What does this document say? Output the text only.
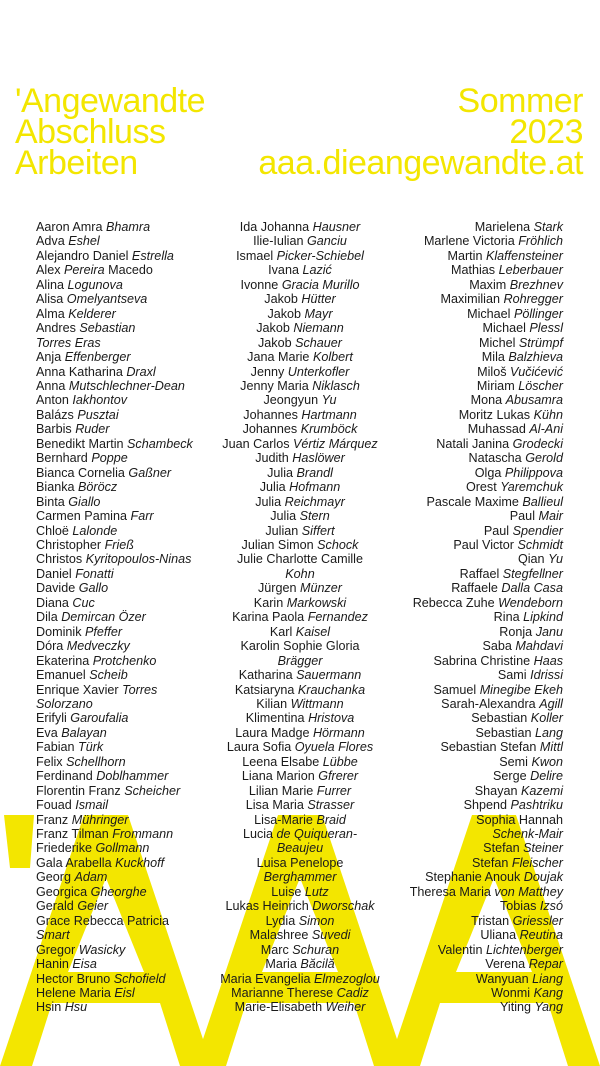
'Angewandte
Abschluss
Arbeiten
Sommer
2023
aaa.dieangewandte.at
Aaron Amra Bhamra
Adva Eshel
Alejandro Daniel Estrella
Alex Pereira Macedo
Alina Logunova
Alisa Omelyantseva
Alma Kelderer
Andres Sebastian
Torres Eras
Anja Effenberger
Anna Katharina Draxl
Anna Mutschlechner-Dean
Anton Iakhontov
Balázs Pusztai
Barbis Ruder
Benedikt Martin Schambeck
Bernhard Poppe
Bianca Cornelia Gaßner
Bianka Böröcz
Binta Giallo
Carmen Pamina Farr
Chloë Lalonde
Christopher Frieß
Christos Kyritopoulos-Ninas
Daniel Fonatti
Davide Gallo
Diana Cuc
Dila Demircan Özer
Dominik Pfeffer
Dóra Medveczky
Ekaterina Protchenko
Emanuel Scheib
Enrique Xavier Torres
Solorzano
Erifyli Garoufalia
Eva Balayan
Fabian Türk
Felix Schellhorn
Ferdinand Doblhammer
Florentin Franz Scheicher
Fouad Ismail
Franz Mühringer
Franz Tilman Frommann
Friederike Gollmann
Gala Arabella Kuckhoff
Georg Adam
Georgica Gheorghe
Gerald Geier
Grace Rebecca Patricia
Smart
Gregor Wasicky
Hanin Eisa
Hector Bruno Schofield
Helene Maria Eisl
Hsin Hsu
Ida Johanna Hausner
Ilie-Iulian Ganciu
Ismael Picker-Schiebel
Ivana Lazić
Ivonne Gracia Murillo
Jakob Hütter
Jakob Mayr
Jakob Niemann
Jakob Schauer
Jana Marie Kolbert
Jenny Unterkofler
Jenny Maria Niklasch
Jeongyun Yu
Johannes Hartmann
Johannes Krumböck
Juan Carlos Vértiz Márquez
Judith Haslöwer
Julia Brandl
Julia Hofmann
Julia Reichmayr
Julia Stern
Julian Siffert
Julian Simon Schock
Julie Charlotte Camille
Kohn
Jürgen Münzer
Karin Markowski
Karina Paola Fernandez
Karl Kaisel
Karolin Sophie Gloria
Brägger
Katharina Sauermann
Katsiaryna Krauchanka
Kilian Wittmann
Klimentina Hristova
Laura Madge Hörmann
Laura Sofia Oyuela Flores
Leena Elsabe Lübbe
Liana Marion Gfrerer
Lilian Marie Furrer
Lisa Maria Strasser
Lisa-Marie Braid
Lucia de Quiqueran-
Beaujeu
Luisa Penelope
Berghammer
Luise Lutz
Lukas Heinrich Dworschak
Lydia Simon
Malashree Suvedi
Marc Schuran
Maria Băcilă
Maria Evangelia Elmezoglou
Marianne Therese Cadiz
Marie-Elisabeth Weiher
Marielena Stark
Marlene Victoria Fröhlich
Martin Klaffensteiner
Mathias Leberbauer
Maxim Brezhnev
Maximilian Rohregger
Michael Pöllinger
Michael Plessl
Michel Strümpf
Mila Balzhieva
Miloš Vučićević
Miriam Löscher
Mona Abusamra
Moritz Lukas Kühn
Muhassad Al-Ani
Natali Janina Grodecki
Natascha Gerold
Olga Philippova
Orest Yaremchuk
Pascale Maxime Ballieul
Paul Mair
Paul Spendier
Paul Victor Schmidt
Qian Yu
Raffael Stegfellner
Raffaele Dalla Casa
Rebecca Zuhe Wendeborn
Rina Lipkind
Ronja Janu
Saba Mahdavi
Sabrina Christine Haas
Sami Idrissi
Samuel Minegibe Ekeh
Sarah-Alexandra Agill
Sebastian Koller
Sebastian Lang
Sebastian Stefan Mittl
Semi Kwon
Serge Delire
Shayan Kazemi
Shpend Pashtriku
Sophia Hannah
Schenk-Mair
Stefan Steiner
Stefan Fleischer
Stephanie Anouk Doujak
Theresa Maria von Matthey
Tobias Izsó
Tristan Griessler
Uliana Reutina
Valentin Lichtenberger
Verena Repar
Wanyuan Liang
Wonmi Kang
Yiting Yang
